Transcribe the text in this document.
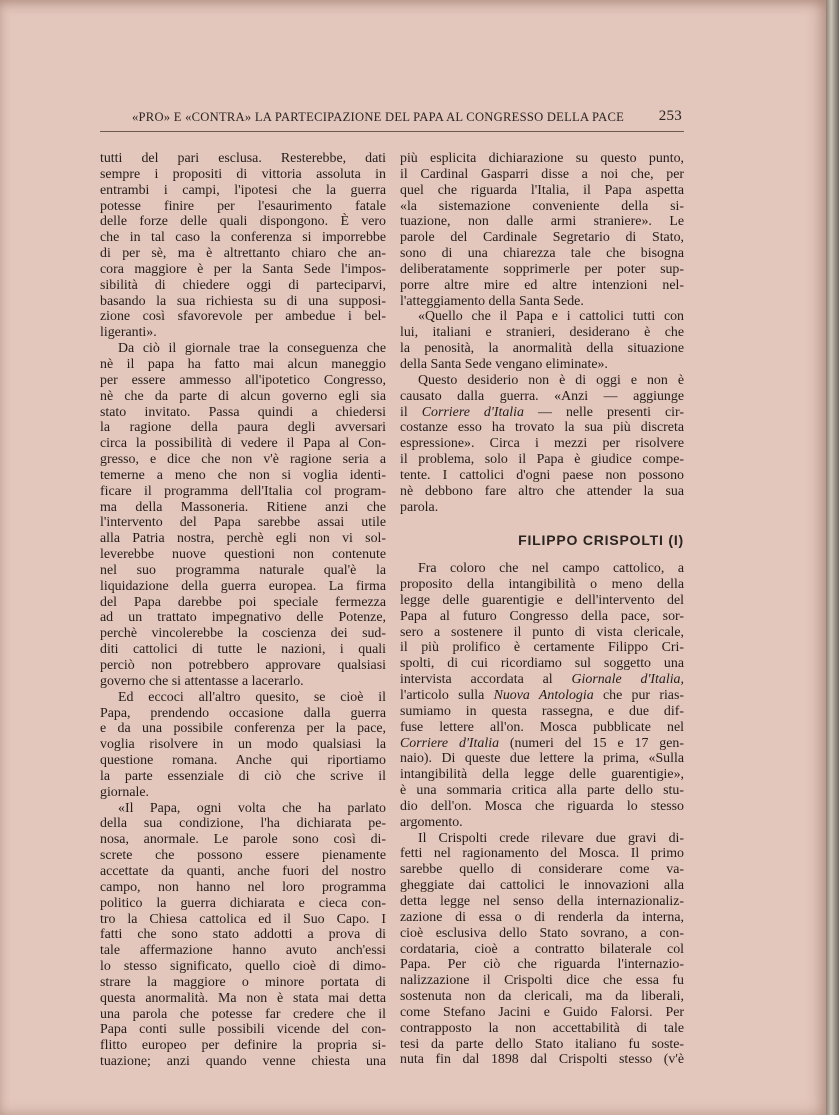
«PRO» E «CONTRA» LA PARTECIPAZIONE DEL PAPA AL CONGRESSO DELLA PACE 253

tutti del pari esclusa. Resterebbe, dati

sempre i propositi di vittoria assoluta in

entrambi i campi, l'ipotesi che la guerra

potesse finire per l'esaurimento fatale

delle forze delle quali dispongono. È vero

che in tal caso la conferenza si imporrebbe

di per sè, ma è altrettanto chiaro che an-

cora maggiore è per la Santa Sede l'impos-

sibilità di chiedere oggi di parteciparvi,

basando la sua richiesta su di una supposi-

zione così sfavorevole per ambedue i bel-

ligeranti».

Da ciò il giornale trae la conseguenza che

nè il papa ha fatto mai alcun maneggio

per essere ammesso all'ipotetico Congresso,

nè che da parte di alcun governo egli sia

stato invitato. Passa quindi a chiedersi

la ragione della paura degli avversari

circa la possibilità di vedere il Papa al Con-

gresso, e dice che non v'è ragione seria a

temerne a meno che non si voglia identi-

ficare il programma dell'Italia col program-

ma della Massoneria. Ritiene anzi che

l'intervento del Papa sarebbe assai utile

alla Patria nostra, perchè egli non vi sol-

leverebbe nuove questioni non contenute

nel suo programma naturale qual'è la

liquidazione della guerra europea. La firma

del Papa darebbe poi speciale fermezza

ad un trattato impegnativo delle Potenze,

perchè vincolerebbe la coscienza dei sud-

diti cattolici di tutte le nazioni, i quali

perciò non potrebbero approvare qualsiasi

governo che si attentasse a lacerarlo.

Ed eccoci all'altro quesito, se cioè il

Papa, prendendo occasione dalla guerra

e da una possibile conferenza per la pace,

voglia risolvere in un modo qualsiasi la

questione romana. Anche qui riportiamo

la parte essenziale di ciò che scrive il

giornale.

«Il Papa, ogni volta che ha parlato

della sua condizione, l'ha dichiarata pe-

nosa, anormale. Le parole sono così di-

screte che possono essere pienamente

accettate da quanti, anche fuori del nostro

campo, non hanno nel loro programma

politico la guerra dichiarata e cieca con-

tro la Chiesa cattolica ed il Suo Capo. I

fatti che sono stato addotti a prova di

tale affermazione hanno avuto anch'essi

lo stesso significato, quello cioè di dimo-

strare la maggiore o minore portata di

questa anormalità. Ma non è stata mai detta

una parola che potesse far credere che il

Papa conti sulle possibili vicende del con-

flitto europeo per definire la propria si-

tuazione; anzi quando venne chiesta una

più esplicita dichiarazione su questo punto,

il Cardinal Gasparri disse a noi che, per

quel che riguarda l'Italia, il Papa aspetta

«la sistemazione conveniente della si-

tuazione, non dalle armi straniere». Le

parole del Cardinale Segretario di Stato,

sono di una chiarezza tale che bisogna

deliberatamente sopprimerle per poter sup-

porre altre mire ed altre intenzioni nel-

l'atteggiamento della Santa Sede.

«Quello che il Papa e i cattolici tutti con

lui, italiani e stranieri, desiderano è che

la penosità, la anormalità della situazione

della Santa Sede vengano eliminate».

Questo desiderio non è di oggi e non è

causato dalla guerra. «Anzi — aggiunge

il Corriere d'Italia — nelle presenti cir-

costanze esso ha trovato la sua più discreta

espressione». Circa i mezzi per risolvere

il problema, solo il Papa è giudice compe-

tente. I cattolici d'ogni paese non possono

nè debbono fare altro che attender la sua

parola.

FILIPPO CRISPOLTI (I)

Fra coloro che nel campo cattolico, a

proposito della intangibilità o meno della

legge delle guarentigie e dell'intervento del

Papa al futuro Congresso della pace, sor-

sero a sostenere il punto di vista clericale,

il più prolifico è certamente Filippo Cri-

spolti, di cui ricordiamo sul soggetto una

intervista accordata al Giornale d'Italia,

l'articolo sulla Nuova Antologia che pur rias-

sumiamo in questa rassegna, e due dif-

fuse lettere all'on. Mosca pubblicate nel

Corriere d'Italia (numeri del 15 e 17 gen-

naio). Di queste due lettere la prima, «Sulla

intangibilità della legge delle guarentigie»,

è una sommaria critica alla parte dello stu-

dio dell'on. Mosca che riguarda lo stesso

argomento.

Il Crispolti crede rilevare due gravi di-

fetti nel ragionamento del Mosca. Il primo

sarebbe quello di considerare come va-

gheggiate dai cattolici le innovazioni alla

detta legge nel senso della internazionaliz-

zazione di essa o di renderla da interna,

cioè esclusiva dello Stato sovrano, a con-

cordataria, cioè a contratto bilaterale col

Papa. Per ciò che riguarda l'internazio-

nalizzazione il Crispolti dice che essa fu

sostenuta non da clericali, ma da liberali,

come Stefano Jacini e Guido Falorsi. Per

contrapposto la non accettabilità di tale

tesi da parte dello Stato italiano fu soste-

nuta fin dal 1898 dal Crispolti stesso (v'è
